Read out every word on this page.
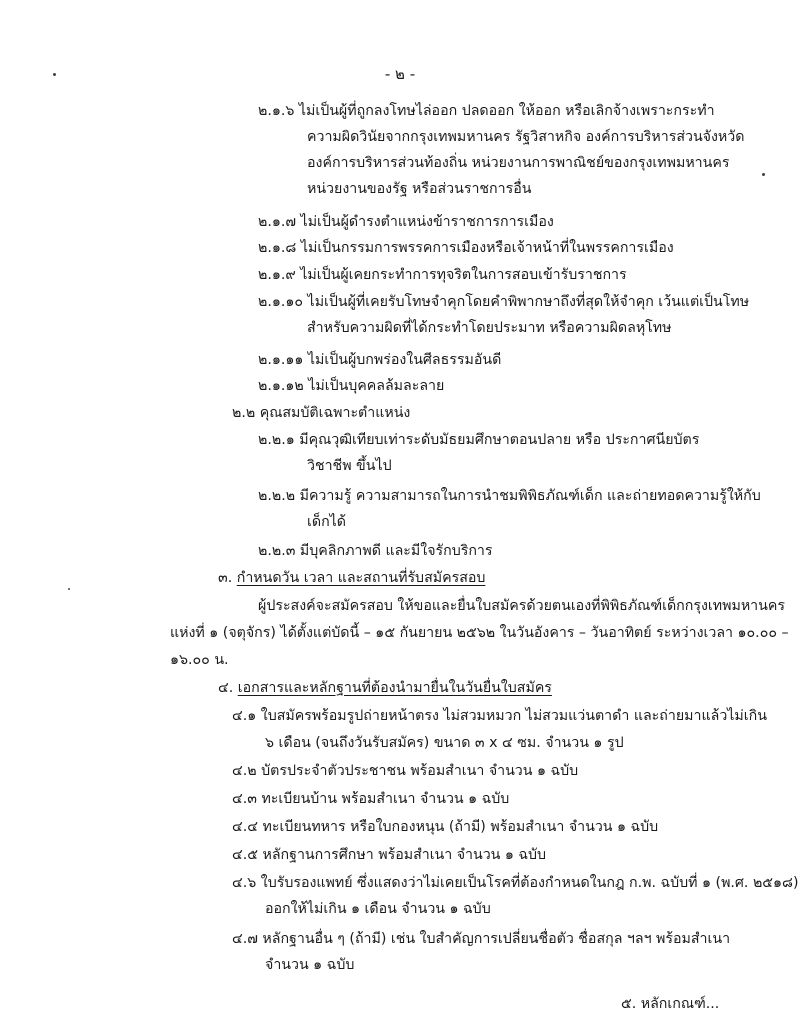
- ๒ -
๒.๑.๖ ไม่เป็นผู้ที่ถูกลงโทษไล่ออก ปลดออก ให้ออก หรือเลิกจ้างเพราะกระทำ
ความผิดวินัยจากกรุงเทพมหานคร รัฐวิสาหกิจ องค์การบริหารส่วนจังหวัด
องค์การบริหารส่วนท้องถิ่น หน่วยงานการพาณิชย์ของกรุงเทพมหานคร
หน่วยงานของรัฐ หรือส่วนราชการอื่น
๒.๑.๗ ไม่เป็นผู้ดำรงตำแหน่งข้าราชการการเมือง
๒.๑.๘ ไม่เป็นกรรมการพรรคการเมืองหรือเจ้าหน้าที่ในพรรคการเมือง
๒.๑.๙ ไม่เป็นผู้เคยกระทำการทุจริตในการสอบเข้ารับราชการ
๒.๑.๑๐ ไม่เป็นผู้ที่เคยรับโทษจำคุกโดยคำพิพากษาถึงที่สุดให้จำคุก เว้นแต่เป็นโทษ
สำหรับความผิดที่ได้กระทำโดยประมาท หรือความผิดลหุโทษ
๒.๑.๑๑ ไม่เป็นผู้บกพร่องในศีลธรรมอันดี
๒.๑.๑๒ ไม่เป็นบุคคลล้มละลาย
๒.๒ คุณสมบัติเฉพาะตำแหน่ง
๒.๒.๑ มีคุณวุฒิเทียบเท่าระดับมัธยมศึกษาตอนปลาย หรือ ประกาศนียบัตร
วิชาชีพ ขึ้นไป
๒.๒.๒ มีความรู้ ความสามารถในการนำชมพิพิธภัณฑ์เด็ก และถ่ายทอดความรู้ให้กับ
เด็กได้
๒.๒.๓ มีบุคลิกภาพดี และมีใจรักบริการ
๓. กำหนดวัน เวลา และสถานที่รับสมัครสอบ
ผู้ประสงค์จะสมัครสอบ ให้ขอและยื่นใบสมัครด้วยตนเองที่พิพิธภัณฑ์เด็กกรุงเทพมหานคร
แห่งที่ ๑ (จตุจักร) ได้ตั้งแต่บัดนี้ – ๑๕ กันยายน ๒๕๖๒ ในวันอังคาร – วันอาทิตย์ ระหว่างเวลา ๑๐.๐๐ –
๑๖.๐๐ น.
๔. เอกสารและหลักฐานที่ต้องนำมายื่นในวันยื่นใบสมัคร
๔.๑ ใบสมัครพร้อมรูปถ่ายหน้าตรง ไม่สวมหมวก ไม่สวมแว่นตาดำ และถ่ายมาแล้วไม่เกิน
๖ เดือน (จนถึงวันรับสมัคร) ขนาด ๓ x ๔ ซม. จำนวน ๑ รูป
๔.๒ บัตรประจำตัวประชาชน พร้อมสำเนา จำนวน ๑ ฉบับ
๔.๓ ทะเบียนบ้าน พร้อมสำเนา จำนวน ๑ ฉบับ
๔.๔ ทะเบียนทหาร หรือใบกองหนุน (ถ้ามี) พร้อมสำเนา จำนวน ๑ ฉบับ
๔.๕ หลักฐานการศึกษา พร้อมสำเนา จำนวน ๑ ฉบับ
๔.๖ ใบรับรองแพทย์ ซึ่งแสดงว่าไม่เคยเป็นโรคที่ต้องกำหนดในกฎ ก.พ. ฉบับที่ ๑ (พ.ศ. ๒๕๑๘)
ออกให้ไม่เกิน ๑ เดือน จำนวน ๑ ฉบับ
๔.๗ หลักฐานอื่น ๆ (ถ้ามี) เช่น ใบสำคัญการเปลี่ยนชื่อตัว ชื่อสกุล ฯลฯ พร้อมสำเนา
จำนวน ๑ ฉบับ
๕. หลักเกณฑ์...
